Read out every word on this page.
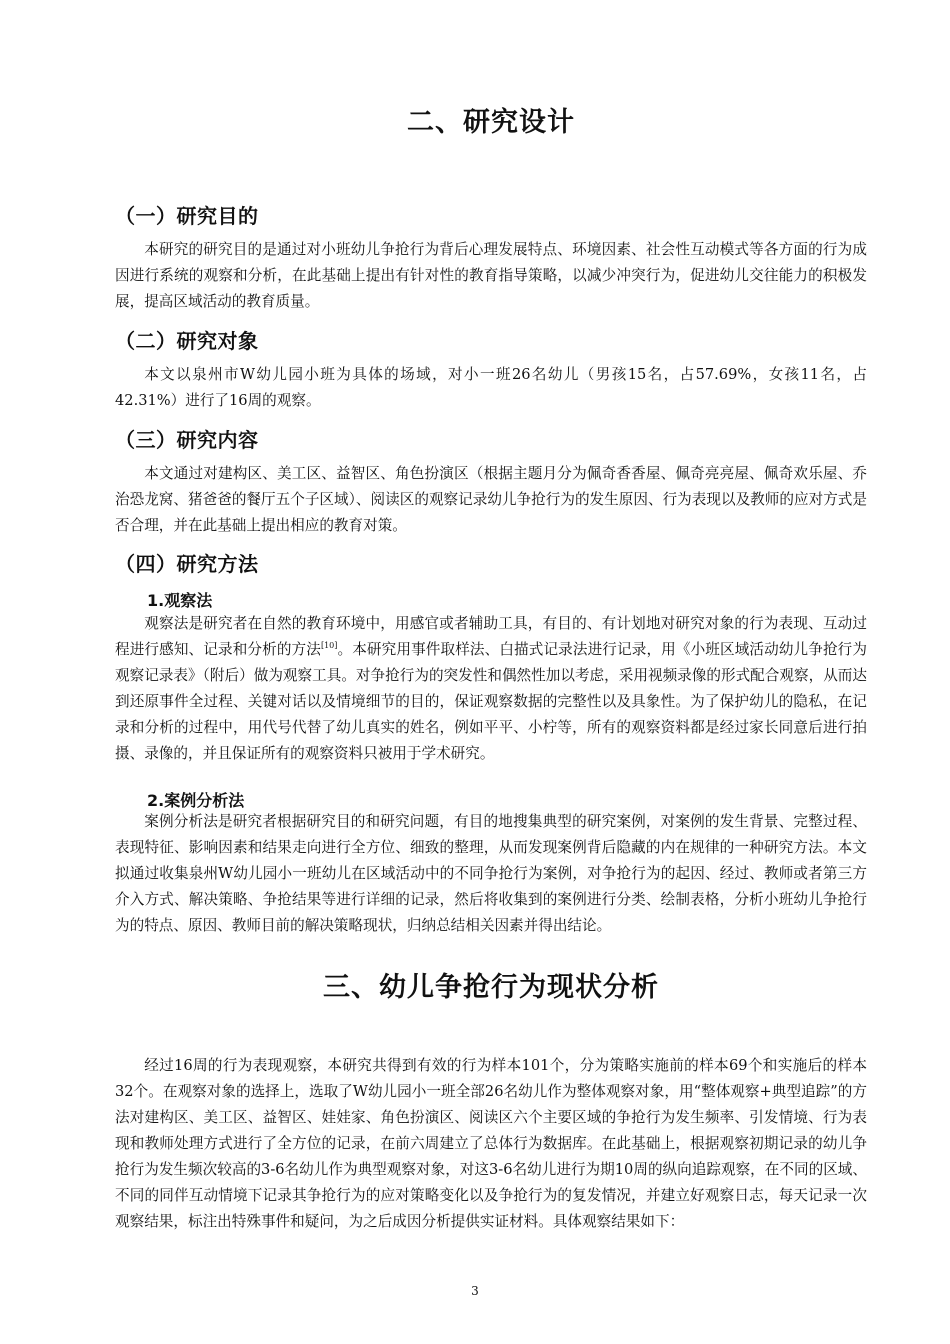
二、研究设计
（一）研究目的

本研究的研究目的是通过对小班幼儿争抢行为背后心理发展特点、环境因素、社会性互动模式等各方面的行为成因进行系统的观察和分析，在此基础上提出有针对性的教育指导策略，以减少冲突行为，促进幼儿交往能力的积极发展，提高区域活动的教育质量。

（二）研究对象

本文以泉州市W幼儿园小班为具体的场域，对小一班26名幼儿（男孩15名，占57.69%，女孩11名，占42.31%）进行了16周的观察。

（三）研究内容

本文通过对建构区、美工区、益智区、角色扮演区（根据主题月分为佩奇香香屋、佩奇亮亮屋、佩奇欢乐屋、乔治恐龙窝、猪爸爸的餐厅五个子区域）、阅读区的观察记录幼儿争抢行为的发生原因、行为表现以及教师的应对方式是否合理，并在此基础上提出相应的教育对策。

（四）研究方法
1.观察法

观察法是研究者在自然的教育环境中，用感官或者辅助工具，有目的、有计划地对研究对象的行为表现、互动过程进行感知、记录和分析的方法[10]。本研究用事件取样法、白描式记录法进行记录，用《小班区域活动幼儿争抢行为观察记录表》（附后）做为观察工具。对争抢行为的突发性和偶然性加以考虑，采用视频录像的形式配合观察，从而达到还原事件全过程、关键对话以及情境细节的目的，保证观察数据的完整性以及具象性。为了保护幼儿的隐私，在记录和分析的过程中，用代号代替了幼儿真实的姓名，例如平平、小柠等，所有的观察资料都是经过家长同意后进行拍摄、录像的，并且保证所有的观察资料只被用于学术研究。

2.案例分析法

案例分析法是研究者根据研究目的和研究问题，有目的地搜集典型的研究案例，对案例的发生背景、完整过程、表现特征、影响因素和结果走向进行全方位、细致的整理，从而发现案例背后隐藏的内在规律的一种研究方法。本文拟通过收集泉州W幼儿园小一班幼儿在区域活动中的不同争抢行为案例，对争抢行为的起因、经过、教师或者第三方介入方式、解决策略、争抢结果等进行详细的记录，然后将收集到的案例进行分类、绘制表格，分析小班幼儿争抢行为的特点、原因、教师目前的解决策略现状，归纳总结相关因素并得出结论。

三、幼儿争抢行为现状分析

经过16周的行为表现观察，本研究共得到有效的行为样本101个，分为策略实施前的样本69个和实施后的样本32个。在观察对象的选择上，选取了W幼儿园小一班全部26名幼儿作为整体观察对象，用“整体观察+典型追踪”的方法对建构区、美工区、益智区、娃娃家、角色扮演区、阅读区六个主要区域的争抢行为发生频率、引发情境、行为表现和教师处理方式进行了全方位的记录，在前六周建立了总体行为数据库。在此基础上，根据观察初期记录的幼儿争抢行为发生频次较高的3-6名幼儿作为典型观察对象，对这3-6名幼儿进行为期10周的纵向追踪观察，在不同的区域、不同的同伴互动情境下记录其争抢行为的应对策略变化以及争抢行为的复发情况，并建立好观察日志，每天记录一次观察结果，标注出特殊事件和疑问，为之后成因分析提供实证材料。具体观察结果如下：

3
